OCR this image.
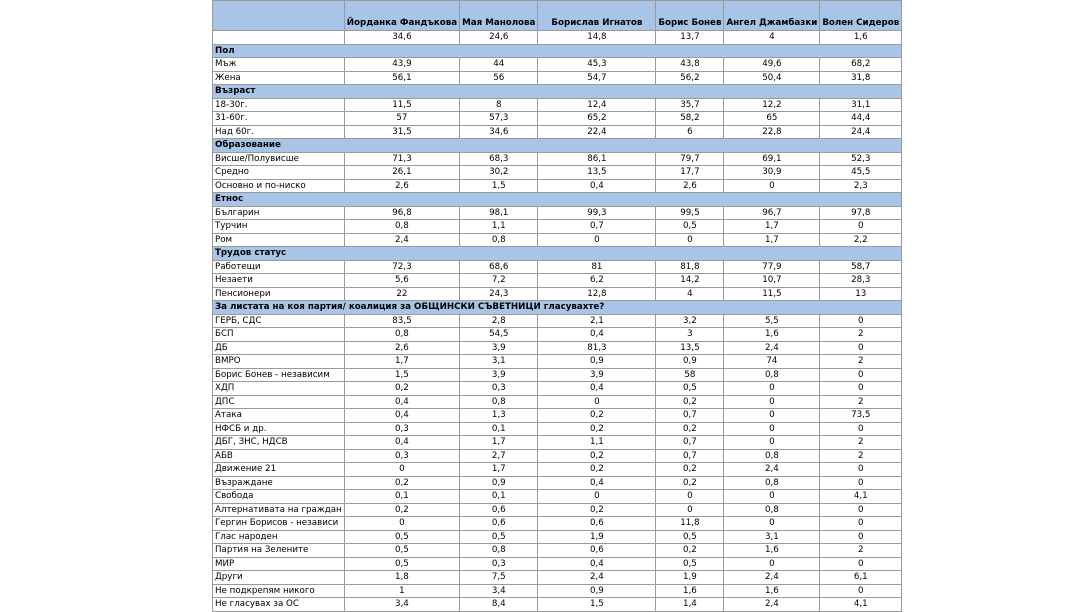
	Йорданка Фандъкова	Мая Манолова	Борислав Игнатов	Борис Бонев	Ангел Джамбазки	Волен Сидеров
	34,6	24,6	14,8	13,7	4	1,6
Пол						
Мъж	43,9	44	45,3	43,8	49,6	68,2
Жена	56,1	56	54,7	56,2	50,4	31,8
Възраст						
18-30г.	11,5	8	12,4	35,7	12,2	31,1
31-60г.	57	57,3	65,2	58,2	65	44,4
Над 60г.	31,5	34,6	22,4	6	22,8	24,4
Образование						
Висше/Полувисше	71,3	68,3	86,1	79,7	69,1	52,3
Средно	26,1	30,2	13,5	17,7	30,9	45,5
Основно и по-ниско	2,6	1,5	0,4	2,6	0	2,3
Етнос						
Българин	96,8	98,1	99,3	99,5	96,7	97,8
Турчин	0,8	1,1	0,7	0,5	1,7	0
Ром	2,4	0,8	0	0	1,7	2,2
Трудов статус						
Работещи	72,3	68,6	81	81,8	77,9	58,7
Незаети	5,6	7,2	6,2	14,2	10,7	28,3
Пенсионери	22	24,3	12,8	4	11,5	13
За листата на коя партия/ коалиция за ОБЩИНСКИ СЪВЕТНИЦИ гласувахте?						
ГЕРБ, СДС	83,5	2,8	2,1	3,2	5,5	0
БСП	0,8	54,5	0,4	3	1,6	2
ДБ	2,6	3,9	81,3	13,5	2,4	0
ВМРО	1,7	3,1	0,9	0,9	74	2
Борис Бонев - независим	1,5	3,9	3,9	58	0,8	0
ХДП	0,2	0,3	0,4	0,5	0	0
ДПС	0,4	0,8	0	0,2	0	2
Атака	0,4	1,3	0,2	0,7	0	73,5
НФСБ и др.	0,3	0,1	0,2	0,2	0	0
ДБГ, ЗНС, НДСВ	0,4	1,7	1,1	0,7	0	2
АБВ	0,3	2,7	0,2	0,7	0,8	2
Движение 21	0	1,7	0,2	0,2	2,4	0
Възраждане	0,2	0,9	0,4	0,2	0,8	0
Свобода	0,1	0,1	0	0	0	4,1
Алтернативата на граждан	0,2	0,6	0,2	0	0,8	0
Гергин Борисов - независи	0	0,6	0,6	11,8	0	0
Глас народен	0,5	0,5	1,9	0,5	3,1	0
Партия на Зелените	0,5	0,8	0,6	0,2	1,6	2
МИР	0,5	0,3	0,4	0,5	0	0
Други	1,8	7,5	2,4	1,9	2,4	6,1
Не подкрепям никого	1	3,4	0,9	1,6	1,6	0
Не гласувах за ОС	3,4	8,4	1,5	1,4	2,4	4,1
